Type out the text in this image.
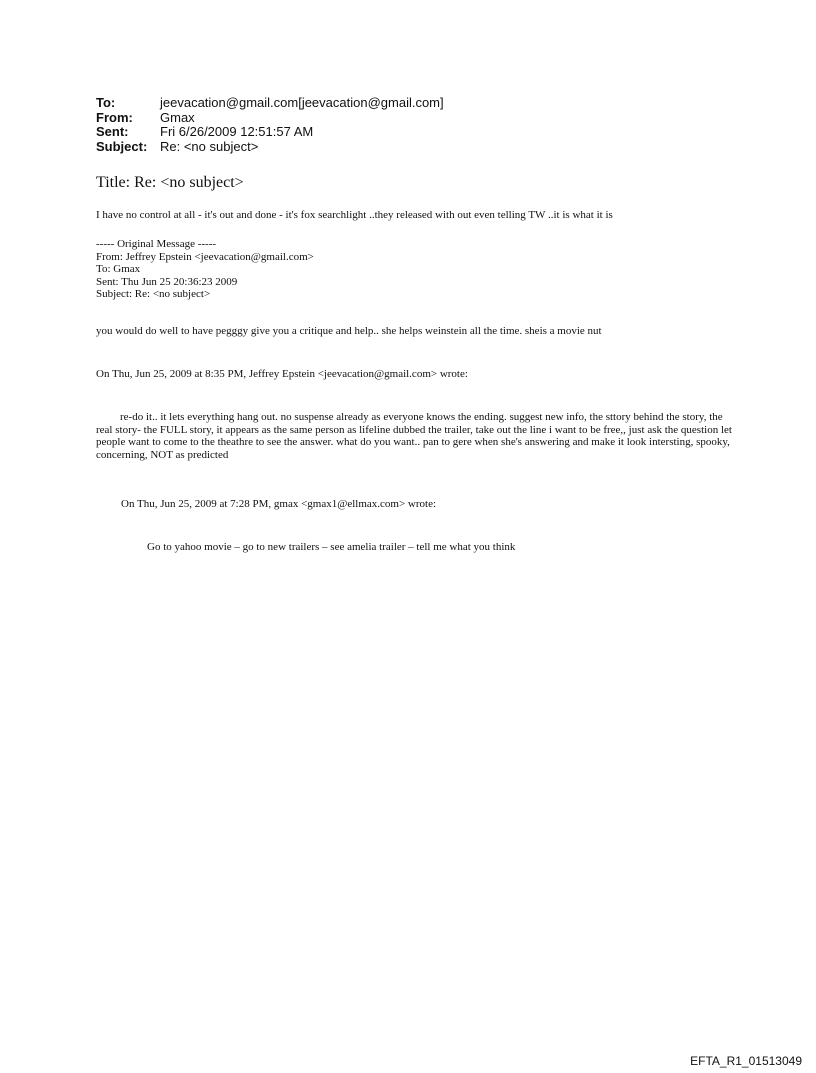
To:	jeevacation@gmail.com[jeevacation@gmail.com]
From:	Gmax
Sent:	Fri 6/26/2009 12:51:57 AM
Subject: Re: <no subject>
Title: Re: <no subject>
I have no control at all - it's out and done - it's fox searchlight ..they released with out even telling TW ..it is what it is
----- Original Message -----
From: Jeffrey Epstein <jeevacation@gmail.com>
To: Gmax
Sent: Thu Jun 25 20:36:23 2009
Subject: Re: <no subject>
you would do well to have pegggy give you a critique and help.. she helps weinstein all the time. sheis a movie nut
On Thu, Jun 25, 2009 at 8:35 PM, Jeffrey Epstein <jeevacation@gmail.com> wrote:
re-do it.. it lets everything hang out. no suspense already as everyone knows the ending. suggest new info, the sttory behind the story, the real story- the FULL story, it appears as the same person as lifeline dubbed the trailer, take out the line i want to be free,, just ask the question let people want to come to the theathre to see the answer. what do you want.. pan to gere when she's answering and make it look intersting, spooky, concerning, NOT as predicted
On Thu, Jun 25, 2009 at 7:28 PM, gmax <gmax1@ellmax.com> wrote:
Go to yahoo movie – go to new trailers – see amelia trailer – tell me what you think
EFTA_R1_01513049
